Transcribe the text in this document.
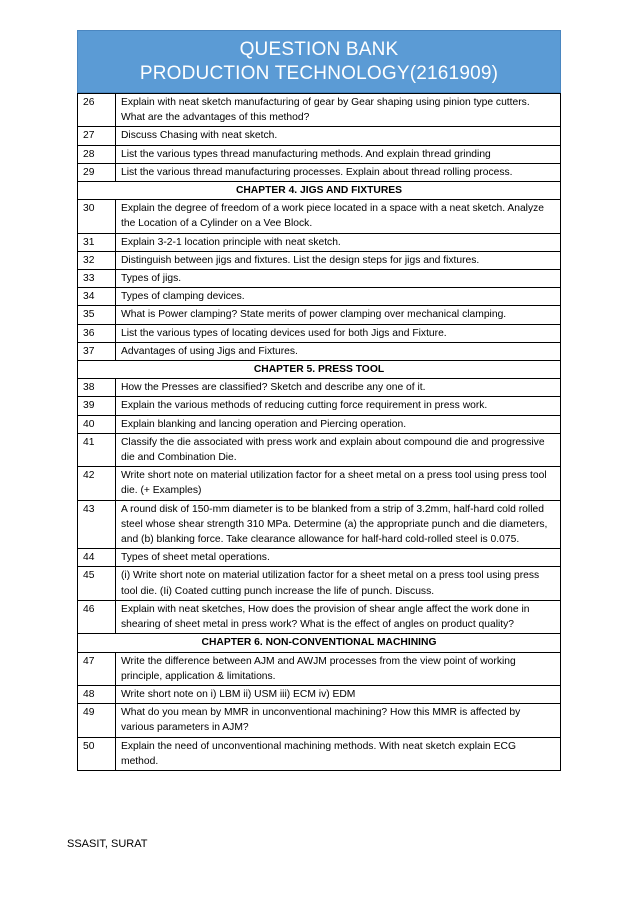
QUESTION BANK
PRODUCTION TECHNOLOGY(2161909)
26	Explain with neat sketch manufacturing of gear by Gear shaping using pinion type cutters. What are the advantages of this method?
27	Discuss Chasing with neat sketch.
28	List the various types thread manufacturing methods. And explain thread grinding
29	List the various thread manufacturing processes. Explain about thread rolling process.
CHAPTER 4. JIGS AND FIXTURES	
30	Explain the degree of freedom of a work piece located in a space with a neat sketch. Analyze the Location of a Cylinder on a Vee Block.
31	Explain 3-2-1 location principle with neat sketch.
32	Distinguish between jigs and fixtures. List the design steps for jigs and fixtures.
33	Types of jigs.
34	Types of clamping devices.
35	What is Power clamping? State merits of power clamping over mechanical clamping.
36	List the various types of locating devices used for both Jigs and Fixture.
37	Advantages of using Jigs and Fixtures.
CHAPTER 5. PRESS TOOL	
38	How the Presses are classified? Sketch and describe any one of it.
39	Explain the various methods of reducing cutting force requirement in press work.
40	Explain blanking and lancing operation and Piercing operation.
41	Classify the die associated with press work and explain about compound die and progressive die and Combination Die.
42	Write short note on material utilization factor for a sheet metal on a press tool using press tool die. (+ Examples)
43	A round disk of 150-mm diameter is to be blanked from a strip of 3.2mm, half-hard cold rolled steel whose shear strength 310 MPa. Determine (a) the appropriate punch and die diameters, and (b) blanking force. Take clearance allowance for half-hard cold-rolled steel is 0.075.
44	Types of sheet metal operations.
45	(i) Write short note on material utilization factor for a sheet metal on a press tool using press tool die. (Ii) Coated cutting punch increase the life of punch. Discuss.
46	Explain with neat sketches, How does the provision of shear angle affect the work done in shearing of sheet metal in press work? What is the effect of angles on product quality?
CHAPTER 6. NON-CONVENTIONAL MACHINING	
47	Write the difference between AJM and AWJM processes from the view point of working principle, application & limitations.
48	Write short note on i) LBM ii) USM iii) ECM iv) EDM
49	What do you mean by MMR in unconventional machining? How this MMR is affected by various parameters in AJM?
50	Explain the need of unconventional machining methods. With neat sketch explain ECG method.
SSASIT, SURAT
